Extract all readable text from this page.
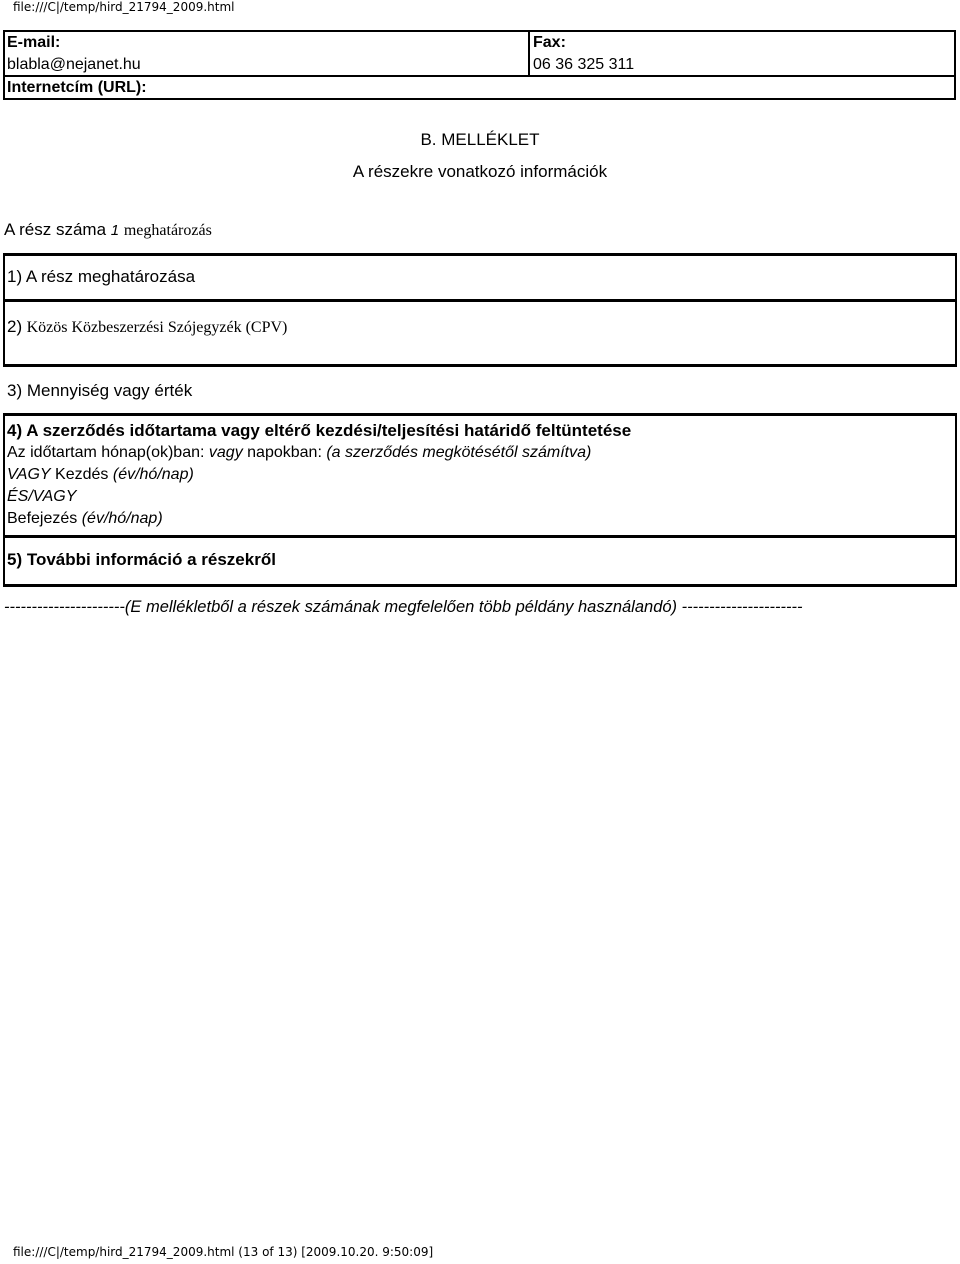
file:///C|/temp/hird_21794_2009.html
E-mail:
blabla@nejanet.hu
Fax:
06 36 325 311
Internetcím (URL):
B. MELLÉKLET
A részekre vonatkozó információk
A rész száma 1 meghatározás
1) A rész meghatározása
2) Közös Közbeszerzési Szójegyzék (CPV)
3) Mennyiség vagy érték
4) A szerződés időtartama vagy eltérő kezdési/teljesítési határidő feltüntetése
Az időtartam hónap(ok)ban: vagy napokban: (a szerződés megkötésétől számítva)
VAGY Kezdés (év/hó/nap)
ÉS/VAGY
Befejezés (év/hó/nap)
5) További információ a részekről
----------------------(E mellékletből a részek számának megfelelően több példány használandó) ----------------------
file:///C|/temp/hird_21794_2009.html (13 of 13) [2009.10.20. 9:50:09]
